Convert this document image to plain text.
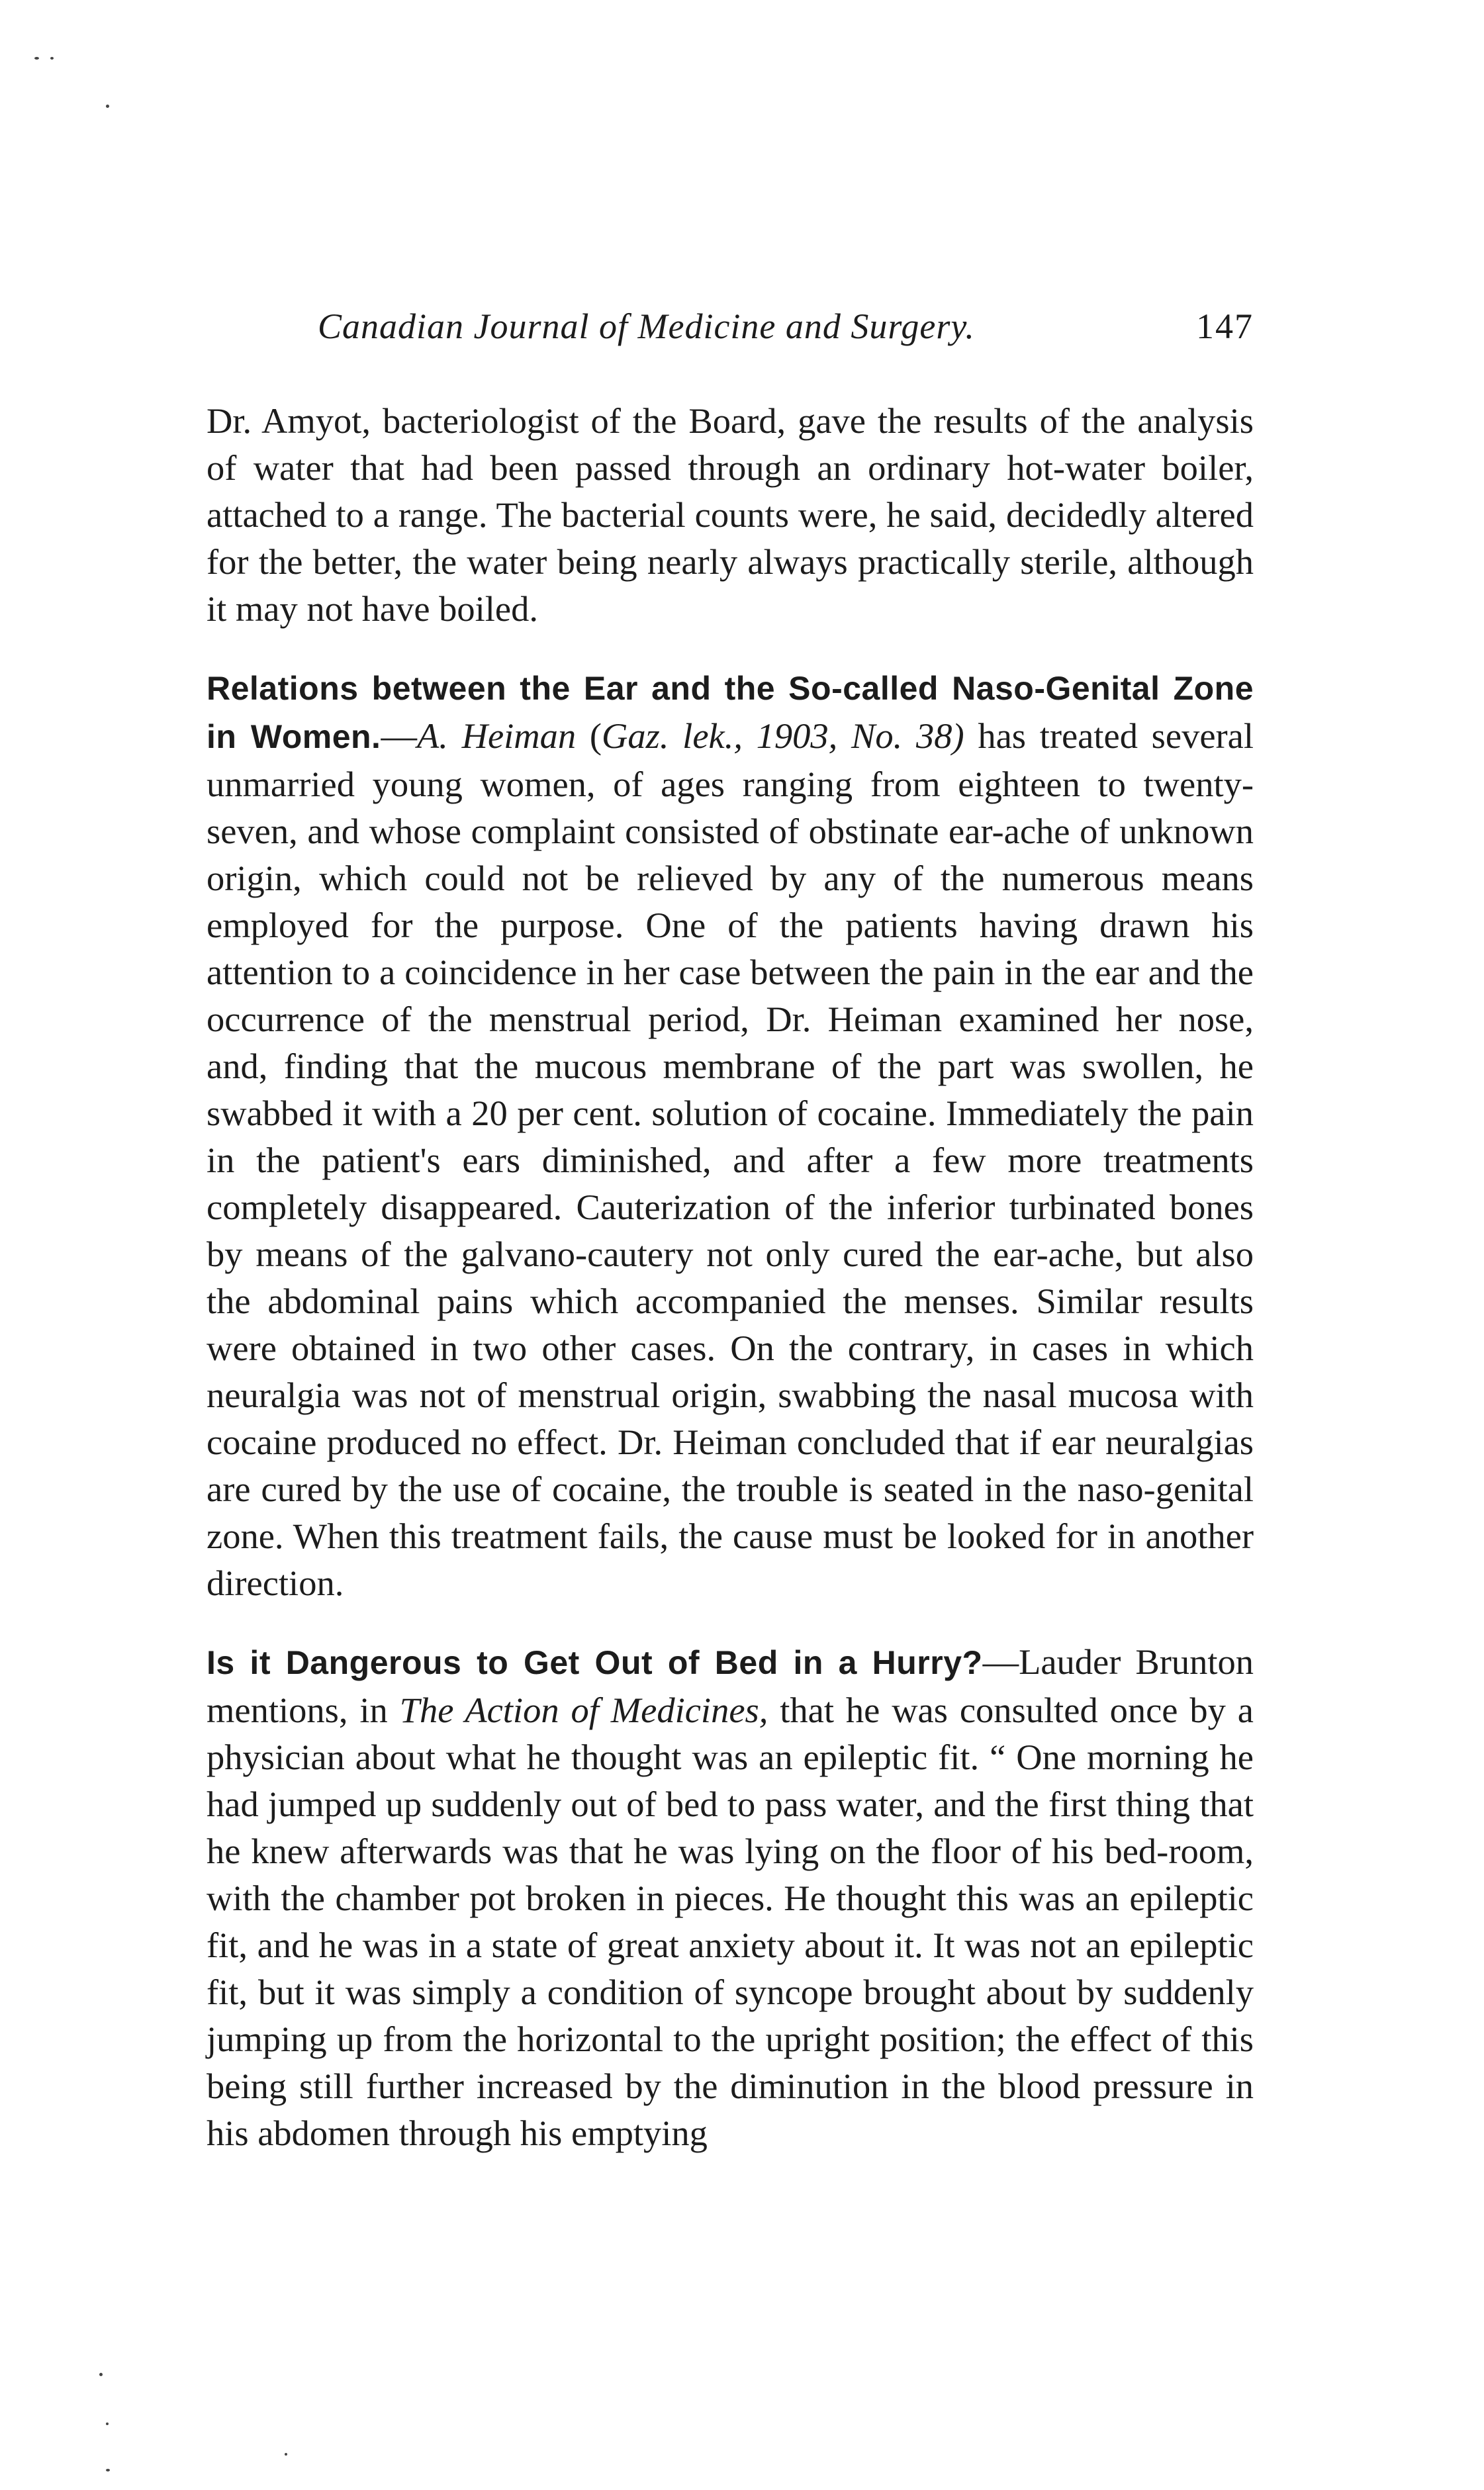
Canadian Journal of Medicine and Surgery.	147

Dr. Amyot, bacteriologist of the Board, gave the results of the analysis of water that had been passed through an ordinary hot-water boiler, attached to a range. The bacterial counts were, he said, decidedly altered for the better, the water being nearly always practically sterile, although it may not have boiled.

Relations between the Ear and the So-called Naso-Genital Zone in Women.—A. Heiman (Gaz. lek., 1903, No. 38) has treated several unmarried young women, of ages ranging from eighteen to twenty-seven, and whose complaint consisted of obstinate ear-ache of unknown origin, which could not be relieved by any of the numerous means employed for the purpose. One of the patients having drawn his attention to a coincidence in her case between the pain in the ear and the occurrence of the menstrual period, Dr. Heiman examined her nose, and, finding that the mucous membrane of the part was swollen, he swabbed it with a 20 per cent. solution of cocaine. Immediately the pain in the patient's ears diminished, and after a few more treatments completely disappeared. Cauterization of the inferior turbinated bones by means of the galvano-cautery not only cured the ear-ache, but also the abdominal pains which accompanied the menses. Similar results were obtained in two other cases. On the contrary, in cases in which neuralgia was not of menstrual origin, swabbing the nasal mucosa with cocaine produced no effect. Dr. Heiman concluded that if ear neuralgias are cured by the use of cocaine, the trouble is seated in the naso-genital zone. When this treatment fails, the cause must be looked for in another direction.

Is it Dangerous to Get Out of Bed in a Hurry?—Lauder Brunton mentions, in The Action of Medicines, that he was consulted once by a physician about what he thought was an epileptic fit. “ One morning he had jumped up suddenly out of bed to pass water, and the first thing that he knew afterwards was that he was lying on the floor of his bed-room, with the chamber pot broken in pieces. He thought this was an epileptic fit, and he was in a state of great anxiety about it. It was not an epileptic fit, but it was simply a condition of syncope brought about by suddenly jumping up from the horizontal to the upright position; the effect of this being still further increased by the diminution in the blood pressure in his abdomen through his emptying
